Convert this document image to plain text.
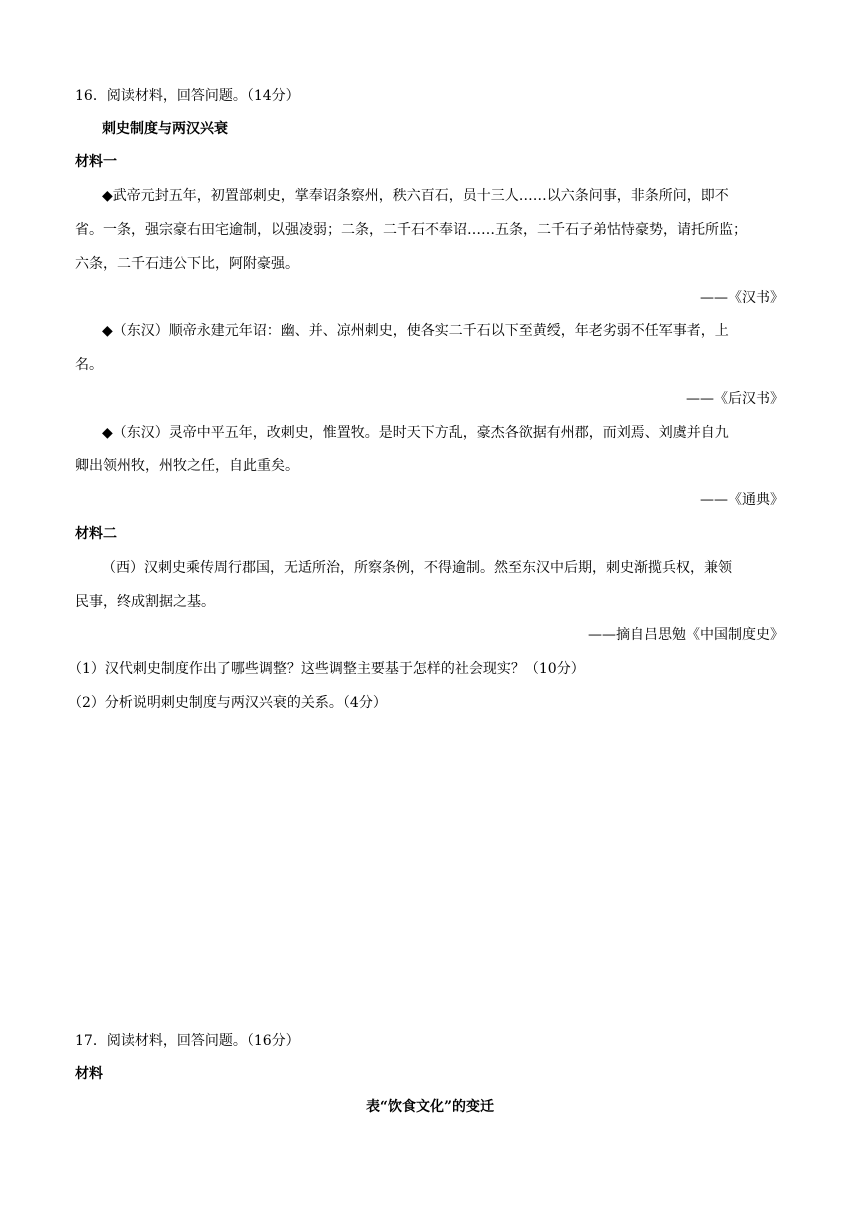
16．阅读材料，回答问题。（14分）
刺史制度与两汉兴衰
材料一
◆武帝元封五年，初置部刺史，掌奉诏条察州，秩六百石，员十三人……以六条问事，非条所问，即不
省。一条，强宗豪右田宅逾制，以强凌弱；二条，二千石不奉诏……五条，二千石子弟怙恃豪势，请托所监；
六条，二千石违公下比，阿附豪强。
——《汉书》
◆（东汉）顺帝永建元年诏：幽、并、凉州刺史，使各实二千石以下至黄绶，年老劣弱不任军事者，上
名。
——《后汉书》
◆（东汉）灵帝中平五年，改刺史，惟置牧。是时天下方乱，豪杰各欲据有州郡，而刘焉、刘虞并自九
卿出领州牧，州牧之任，自此重矣。
——《通典》
材料二
（西）汉刺史乘传周行郡国，无适所治，所察条例，不得逾制。然至东汉中后期，刺史渐揽兵权，兼领
民事，终成割据之基。
——摘自吕思勉《中国制度史》
（1）汉代刺史制度作出了哪些调整？这些调整主要基于怎样的社会现实？（10分）
（2）分析说明刺史制度与两汉兴衰的关系。（4分）
17．阅读材料，回答问题。（16分）
材料
表“饮食文化”的变迁
